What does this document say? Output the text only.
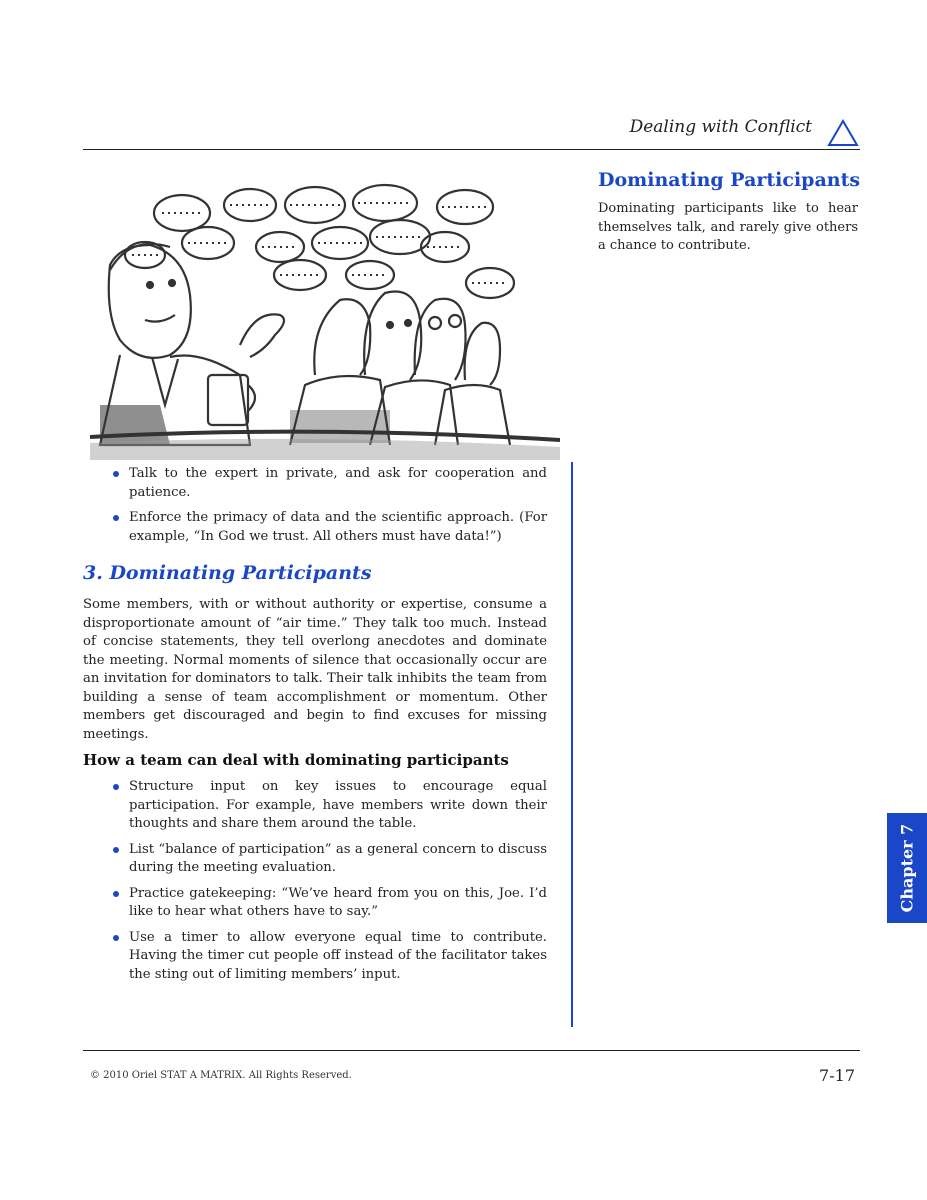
Dealing with Conflict
Dominating Participants
Dominating participants like to hear themselves talk, and rarely give others a chance to contribute.
Talk to the expert in private, and ask for cooperation and patience.
Enforce the primacy of data and the scientific approach. (For example, “In God we trust. All others must have data!”)
3. Dominating Participants
Some members, with or without authority or expertise, consume a disproportionate amount of “air time.” They talk too much. Instead of concise statements, they tell overlong anecdotes and dominate the meeting. Normal moments of silence that occasionally occur are an invitation for dominators to talk. Their talk inhibits the team from building a sense of team accomplishment or momentum. Other members get discouraged and begin to find excuses for missing meetings.
How a team can deal with dominating participants
Structure input on key issues to encourage equal participation. For example, have members write down their thoughts and share them around the table.
List “balance of participation” as a general concern to discuss during the meeting evaluation.
Practice gatekeeping: “We’ve heard from you on this, Joe. I’d like to hear what others have to say.”
Use a timer to allow everyone equal time to contribute. Having the timer cut people off instead of the facilitator takes the sting out of limiting members’ input.
Chapter 7
© 2010 Oriel STAT A MATRIX. All Rights Reserved.	7-17
